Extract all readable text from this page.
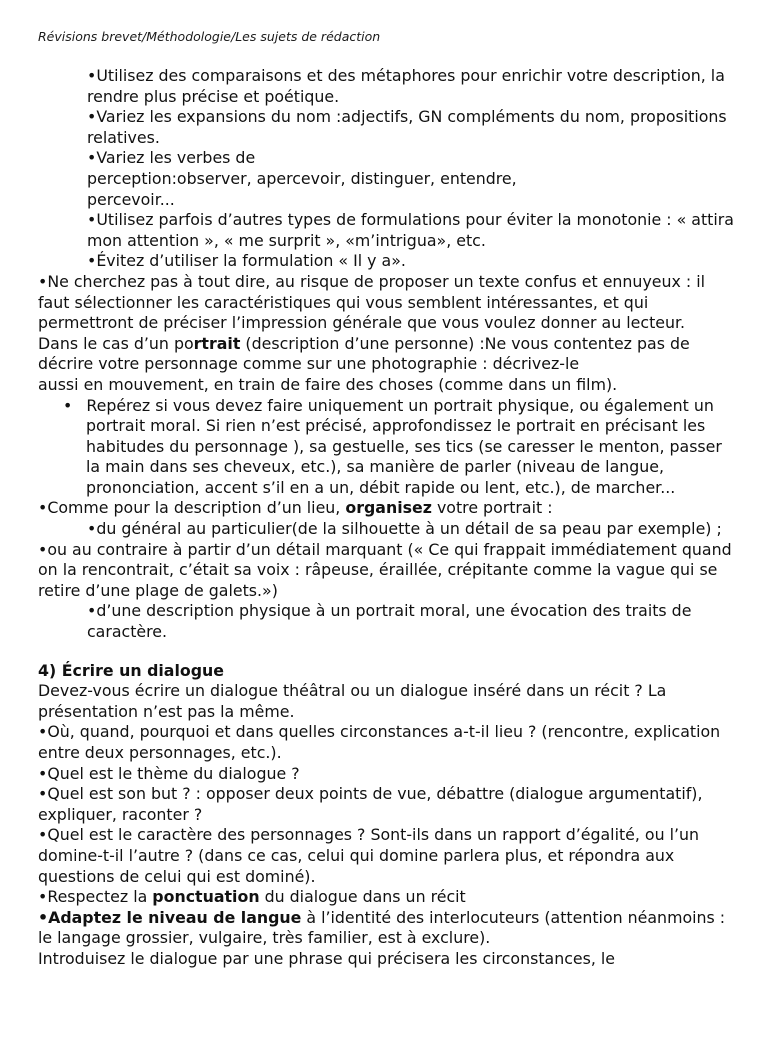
Révisions brevet/Méthodologie/Les sujets de rédaction

•Utilisez des comparaisons et des métaphores pour enrichir votre description, la rendre plus précise et poétique.

•Variez les expansions du nom :adjectifs, GN compléments du nom, propositions relatives.

•Variez les verbes de

perception:observer, apercevoir, distinguer, entendre,

percevoir...

•Utilisez parfois d’autres types de formulations pour éviter la monotonie : « attira mon attention », « me surprit », «m’intrigua», etc.

•Évitez d’utiliser la formulation « Il y a».

•Ne cherchez pas à tout dire, au risque de proposer un texte confus et ennuyeux : il faut sélectionner les caractéristiques qui vous semblent intéressantes, et qui permettront de préciser l’impression générale que vous voulez donner au lecteur.

Dans le cas d’un portrait (description d’une personne) :Ne vous contentez pas de décrire votre personnage comme sur une photographie : décrivez-le

aussi en mouvement, en train de faire des choses (comme dans un film).

• Repérez si vous devez faire uniquement un portrait physique, ou également un portrait moral. Si rien n’est précisé, approfondissez le portrait en précisant les habitudes du personnage ), sa gestuelle, ses tics (se caresser le menton, passer la main dans ses cheveux, etc.), sa manière de parler (niveau de langue, prononciation, accent s’il en a un, débit rapide ou lent, etc.), de marcher...

•Comme pour la description d’un lieu, organisez votre portrait :

•du général au particulier(de la silhouette à un détail de sa peau par exemple) ;

•ou au contraire à partir d’un détail marquant (« Ce qui frappait immédiatement quand on la rencontrait, c’était sa voix : râpeuse, éraillée, crépitante comme la vague qui se retire d’une plage de galets.»)

•d’une description physique à un portrait moral, une évocation des traits de caractère.

4) Écrire un dialogue

Devez-vous écrire un dialogue théâtral ou un dialogue inséré dans un récit ? La présentation n’est pas la même.

•Où, quand, pourquoi et dans quelles circonstances a-t-il lieu ? (rencontre, explication entre deux personnages, etc.).

•Quel est le thème du dialogue ?

•Quel est son but ? : opposer deux points de vue, débattre (dialogue argumentatif), expliquer, raconter ?

•Quel est le caractère des personnages ? Sont-ils dans un rapport d’égalité, ou l’un domine-t-il l’autre ? (dans ce cas, celui qui domine parlera plus, et répondra aux questions de celui qui est dominé).

•Respectez la ponctuation du dialogue dans un récit

•Adaptez le niveau de langue à l’identité des interlocuteurs (attention néanmoins : le langage grossier, vulgaire, très familier, est à exclure).

Introduisez le dialogue par une phrase qui précisera les circonstances, le
